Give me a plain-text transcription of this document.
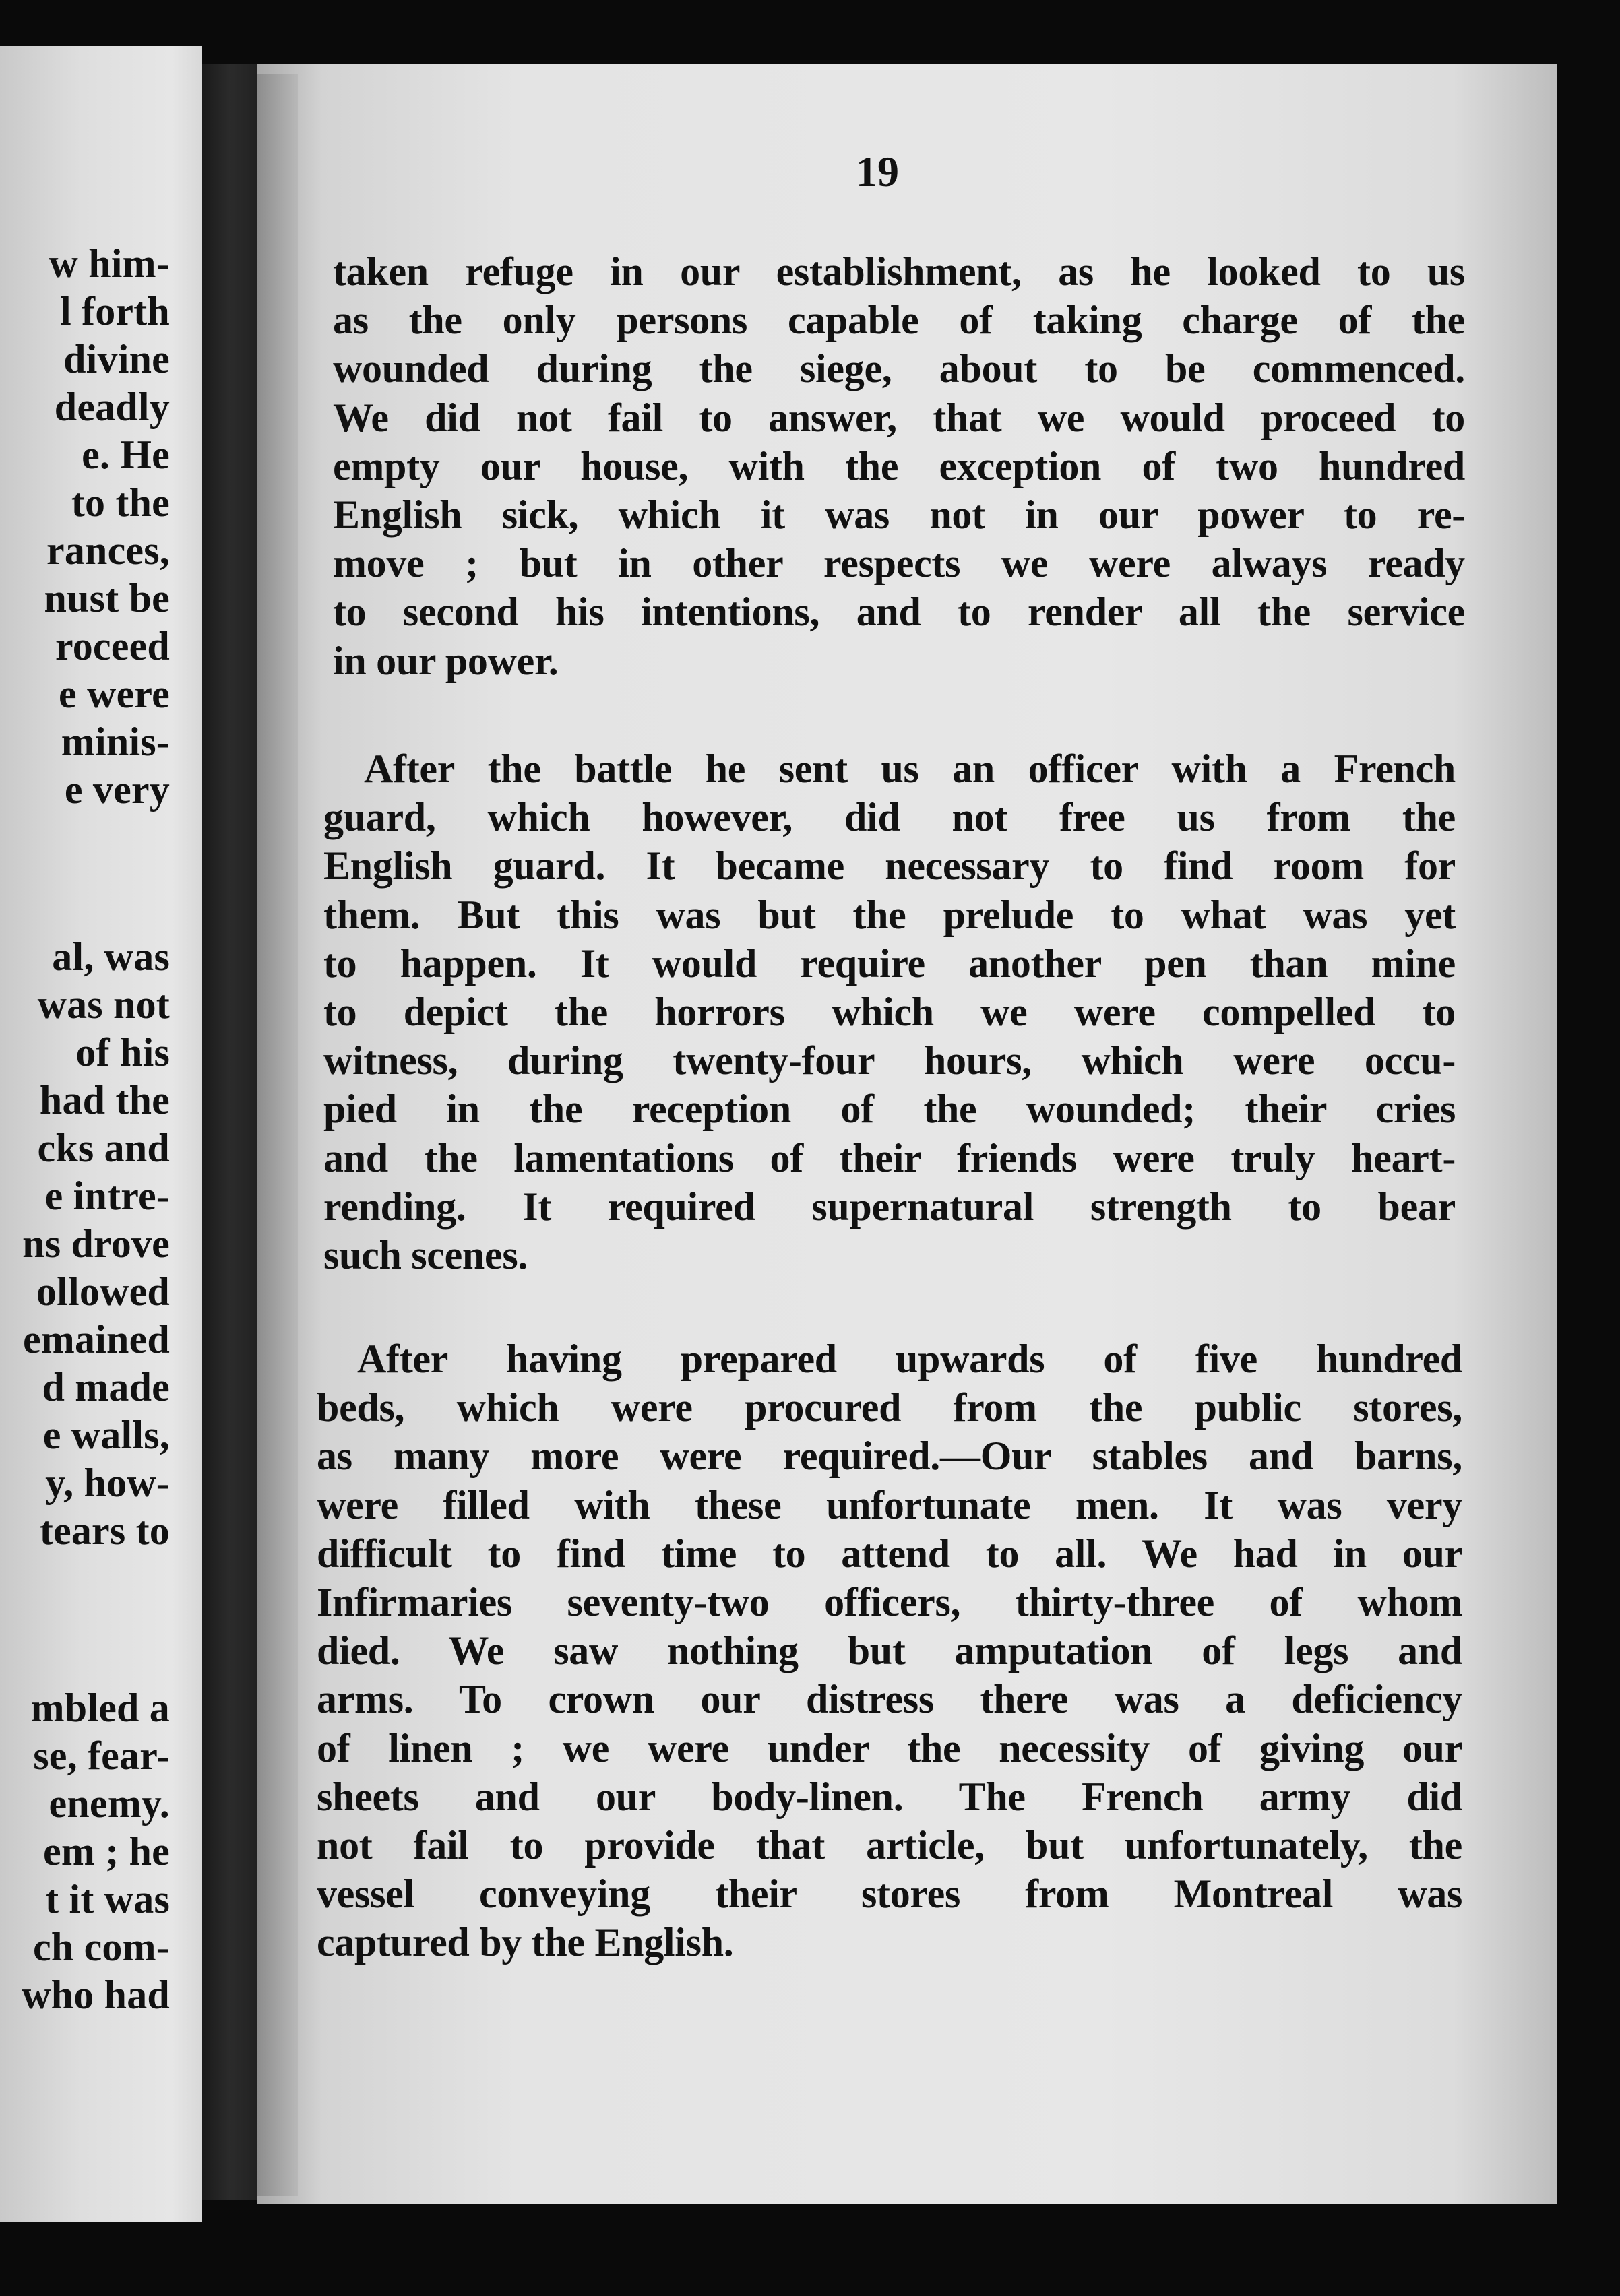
w him-
l forth
divine
deadly
e. He
to the
rances,
nust be
roceed
e were
minis-
e very
al, was
was not
of his
had the
cks and
e intre-
ns drove
ollowed
emained
d made
e walls,
y, how-
tears to
mbled a
se, fear-
enemy.
em ; he
t it was
ch com-
who had
19
taken refuge in our establishment, as he looked to us
as the only persons capable of taking charge of the
wounded during the siege, about to be commenced.
We did not fail to answer, that we would proceed to
empty our house, with the exception of two hundred
English sick, which it was not in our power to re-
move ; but in other respects we were always ready
to second his intentions, and to render all the service
in our power.
After the battle he sent us an officer with a French
guard, which however, did not free us from the
English guard. It became necessary to find room for
them. But this was but the prelude to what was yet
to happen. It would require another pen than mine
to depict the horrors which we were compelled to
witness, during twenty-four hours, which were occu-
pied in the reception of the wounded; their cries
and the lamentations of their friends were truly heart-
rending. It required supernatural strength to bear
such scenes.
After having prepared upwards of five hundred
beds, which were procured from the public stores,
as many more were required.—Our stables and barns,
were filled with these unfortunate men. It was very
difficult to find time to attend to all. We had in our
Infirmaries seventy-two officers, thirty-three of whom
died. We saw nothing but amputation of legs and
arms. To crown our distress there was a deficiency
of linen ; we were under the necessity of giving our
sheets and our body-linen. The French army did
not fail to provide that article, but unfortunately, the
vessel conveying their stores from Montreal was
captured by the English.
